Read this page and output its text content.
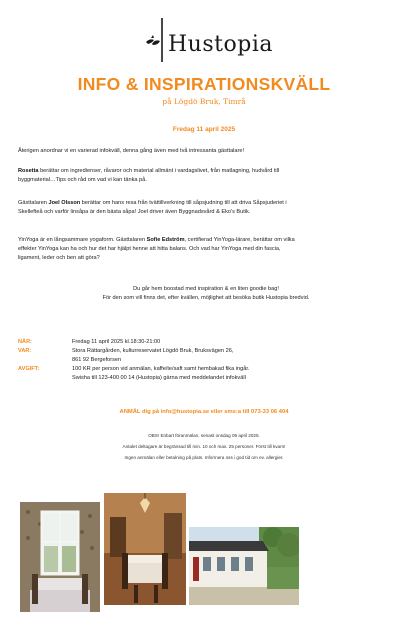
Hustopia
INFO & INSPIRATIONSKVÄLL
på Lögdö Bruk, Timrå
Fredag 11 april 2025
Återigen anordnar vi en varierad infokväll, denna gång även med två intressanta gästtalare!
Rosetta berättar om ingredienser, råvaror och material allmänt i vardagslivet, från matlagning, hudvård till
byggmaterial…Tips och råd om vad vi kan tänka på.
Gästtalaren Joel Olsson berättar om hans resa från tvättillverkning till såpsjudning till att driva Såpsjuderiet i
Skellefteå och varför linsåpa är den bästa såpa! Joel driver även Byggnadsvård & Eko's Butik.
YinYoga är en långsammare yogaform. Gästtalaren Sofie Edström, certifierad YinYoga-lärare, berättar om vilka
effekter YinYoga kan ha och hur det har hjälpt henne att hitta balans. Och vad har YinYoga med din fascia,
ligament, leder och ben att göra?
Du går hem boostad med inspiration & en liten goodie bag!
För den som vill finns det, efter kvällen, möjlighet att besöka butik Hustopia bredvid.
NÄR:	Fredag 11 april 2025 kl.18:30-21:00
VAR:	Stora Rättargården, kulturreservatet Lögdö Bruk, Bruksvägen 26,
861 92 Bergeforsen
AVGIFT:	100 KR per person vid anmälan, kaffe/te/saft samt hembakad fika ingår.
Swisha till 123-400 00 14 (Hustopia) gärna med meddelandet infokväll
ANMÄL dig på info@hustopia.se eller sms:a till 073-33 06 404
OBS! Enbart föranmälan, senast onsdag 09 april 2025.
Antalet deltagare är begränsad till min. 10 och max. 25 personer. Först till kvarn!
Ingen anmälan eller betalning på plats. Informera oss i god tid om ev. allergier.
